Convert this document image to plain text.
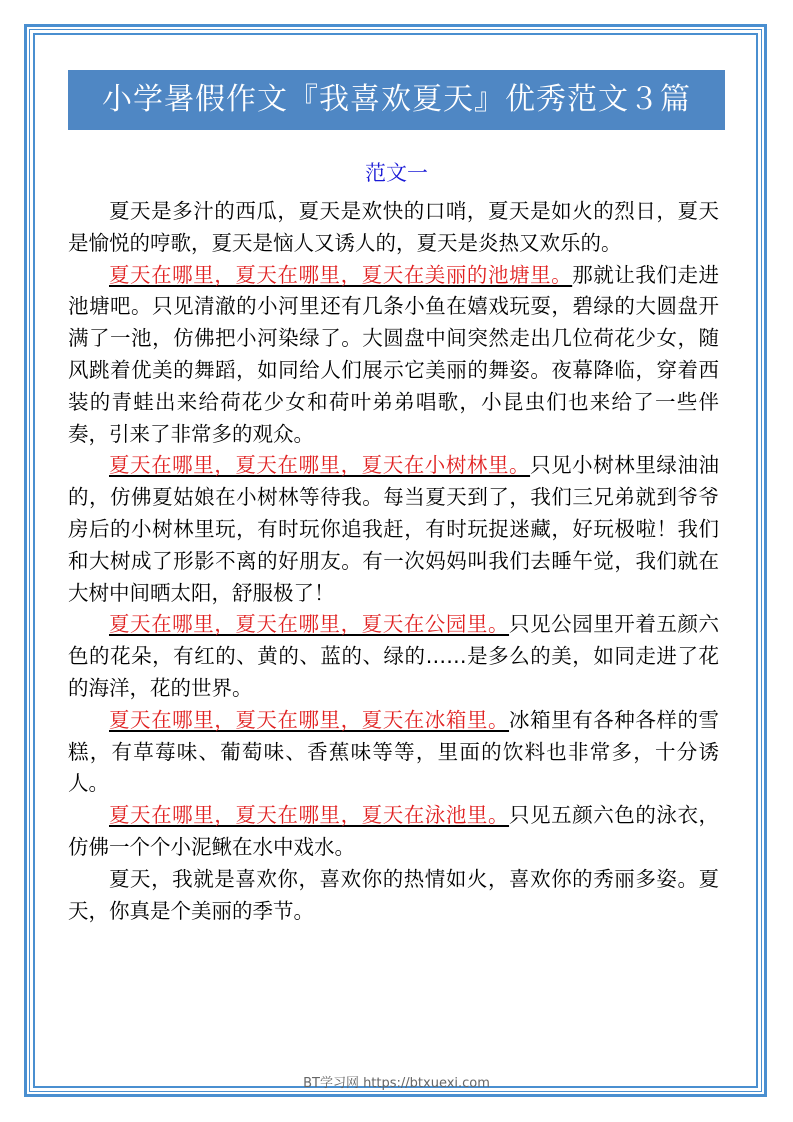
小学暑假作文『我喜欢夏天』优秀范文３篇
范文一

夏天是多汁的西瓜，夏天是欢快的口哨，夏天是如火的烈日，夏天是愉悦的哼歌，夏天是恼人又诱人的，夏天是炎热又欢乐的。

夏天在哪里，夏天在哪里，夏天在美丽的池塘里。那就让我们走进池塘吧。只见清澈的小河里还有几条小鱼在嬉戏玩耍，碧绿的大圆盘开满了一池，仿佛把小河染绿了。大圆盘中间突然走出几位荷花少女，随风跳着优美的舞蹈，如同给人们展示它美丽的舞姿。夜幕降临，穿着西装的青蛙出来给荷花少女和荷叶弟弟唱歌，小昆虫们也来给了一些伴奏，引来了非常多的观众。

夏天在哪里，夏天在哪里，夏天在小树林里。只见小树林里绿油油的，仿佛夏姑娘在小树林等待我。每当夏天到了，我们三兄弟就到爷爷房后的小树林里玩，有时玩你追我赶，有时玩捉迷藏，好玩极啦！我们和大树成了形影不离的好朋友。有一次妈妈叫我们去睡午觉，我们就在大树中间晒太阳，舒服极了！

夏天在哪里，夏天在哪里，夏天在公园里。只见公园里开着五颜六色的花朵，有红的、黄的、蓝的、绿的……是多么的美，如同走进了花的海洋，花的世界。

夏天在哪里，夏天在哪里，夏天在冰箱里。冰箱里有各种各样的雪糕，有草莓味、葡萄味、香蕉味等等，里面的饮料也非常多，十分诱人。

夏天在哪里，夏天在哪里，夏天在泳池里。只见五颜六色的泳衣，仿佛一个个小泥鳅在水中戏水。

夏天，我就是喜欢你，喜欢你的热情如火，喜欢你的秀丽多姿。夏天，你真是个美丽的季节。

BT学习网 https://btxuexi.com
